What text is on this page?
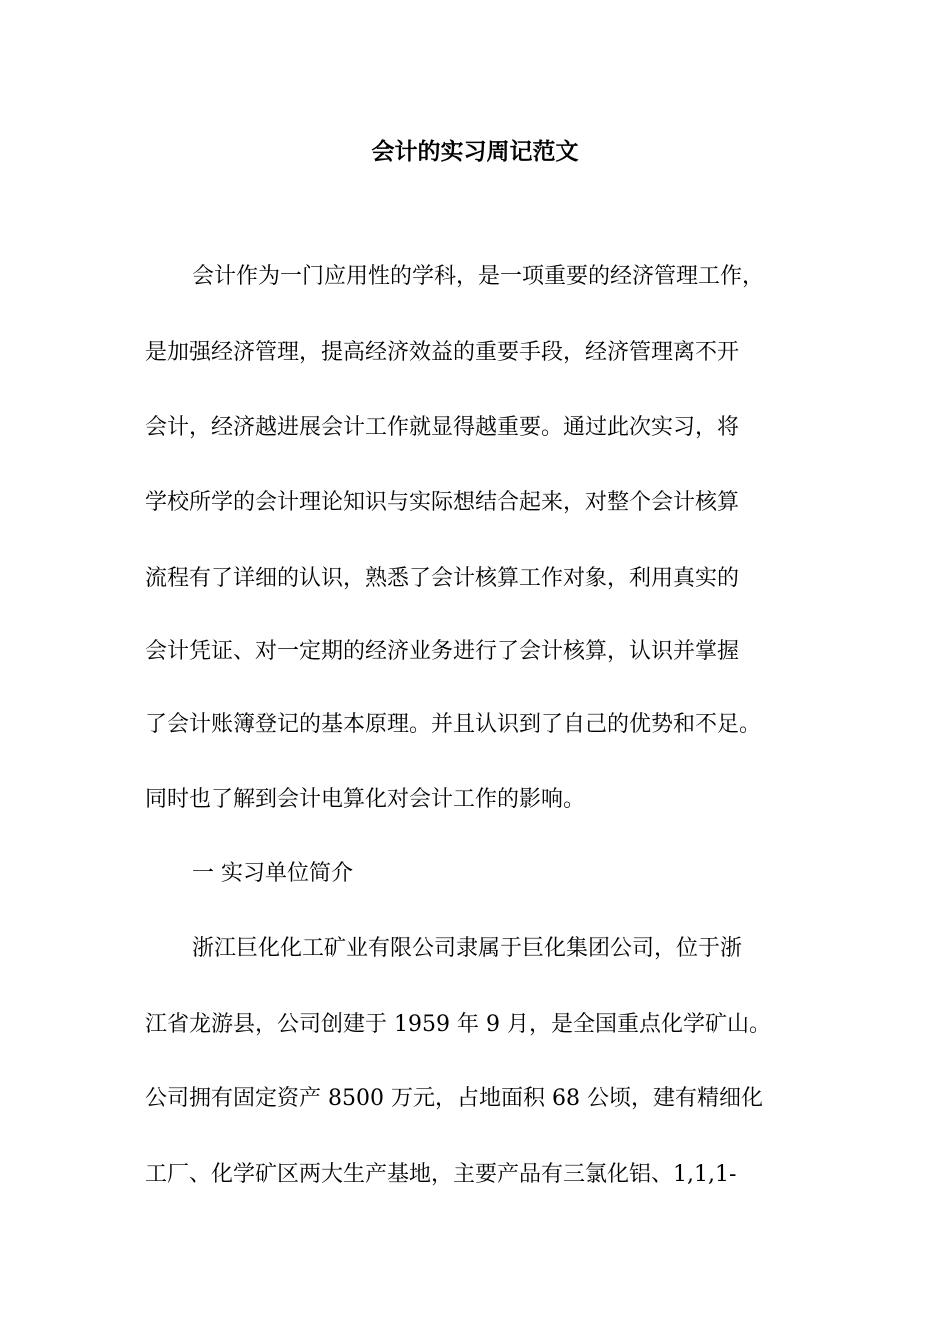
会计的实习周记范文
会计作为一门应用性的学科，是一项重要的经济管理工作，
是加强经济管理，提高经济效益的重要手段，经济管理离不开
会计，经济越进展会计工作就显得越重要。通过此次实习，将
学校所学的会计理论知识与实际想结合起来，对整个会计核算
流程有了详细的认识，熟悉了会计核算工作对象，利用真实的
会计凭证、对一定期的经济业务进行了会计核算，认识并掌握
了会计账簿登记的基本原理。并且认识到了自己的优势和不足。
同时也了解到会计电算化对会计工作的影响。
一 实习单位简介
浙江巨化化工矿业有限公司隶属于巨化集团公司，位于浙
江省龙游县，公司创建于 1959 年 9 月，是全国重点化学矿山。
公司拥有固定资产 8500 万元，占地面积 68 公顷，建有精细化
工厂、化学矿区两大生产基地，主要产品有三氯化铝、1,1,1-
